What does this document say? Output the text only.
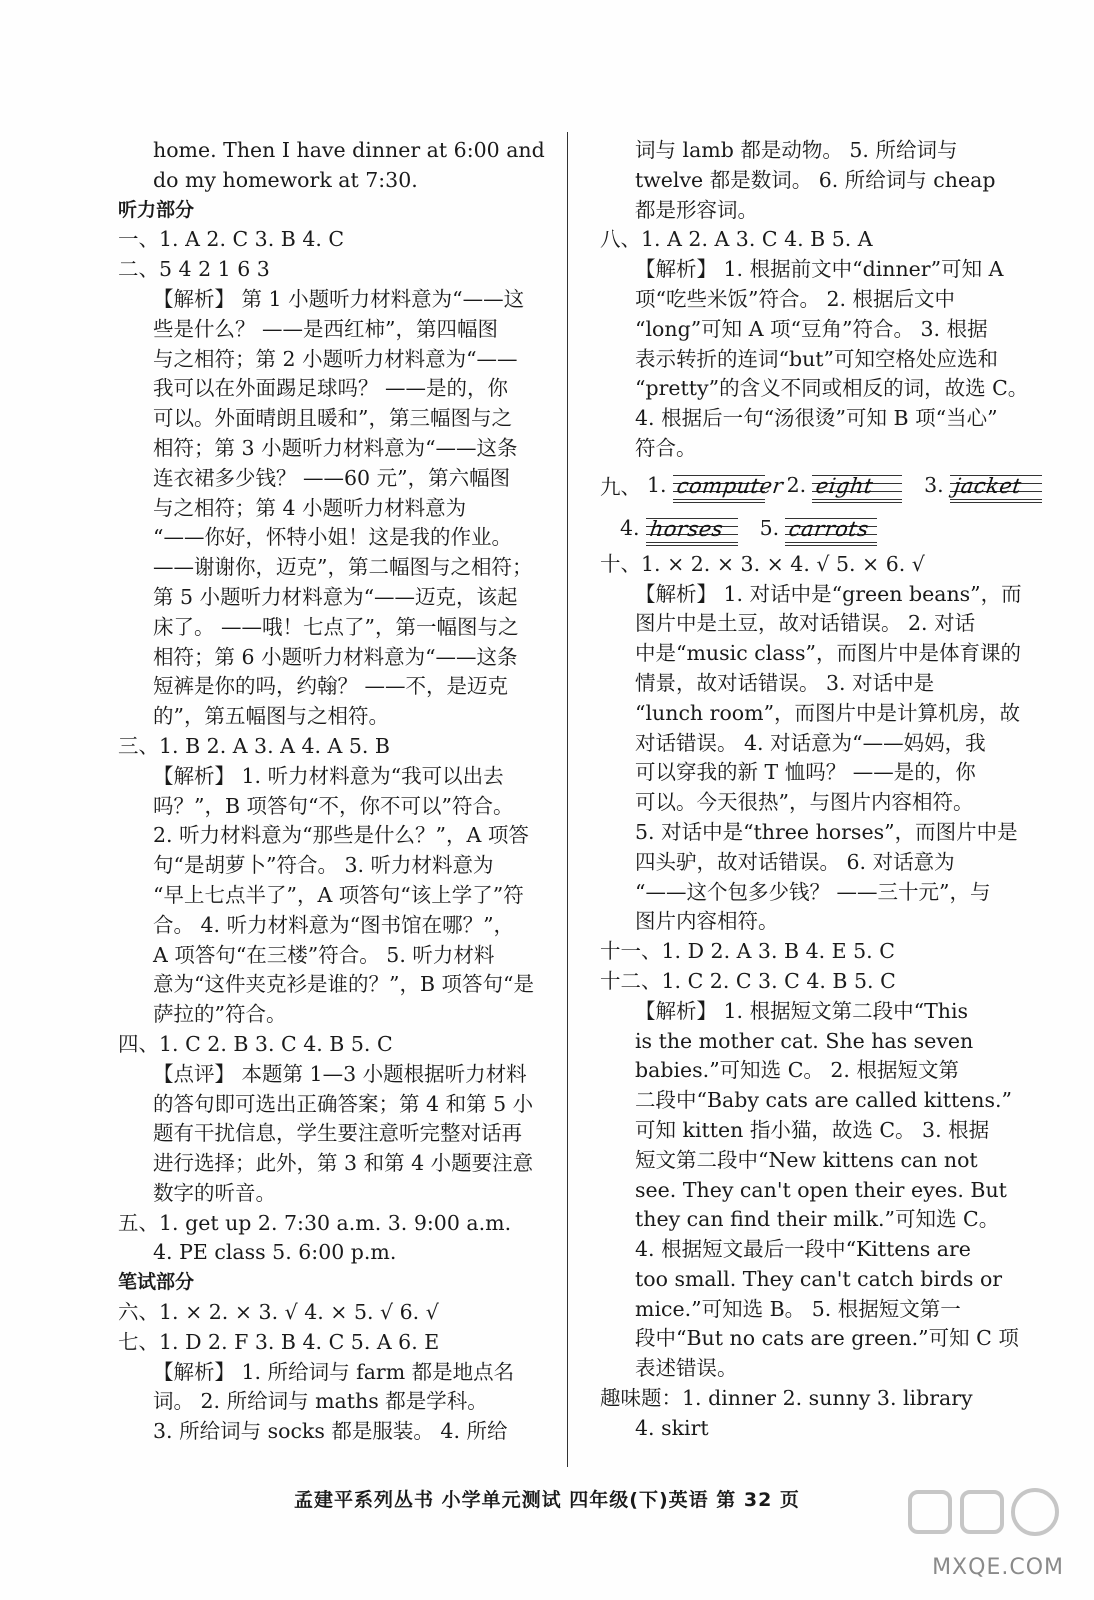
home. Then I have dinner at 6:00 and
do my homework at 7:30.
听力部分
一、1. A 2. C 3. B 4. C
二、5 4 2 1 6 3
【解析】 第 1 小题听力材料意为“——这
些是什么？ ——是西红柿”，第四幅图
与之相符；第 2 小题听力材料意为“——
我可以在外面踢足球吗？ ——是的，你
可以。外面晴朗且暖和”，第三幅图与之
相符；第 3 小题听力材料意为“——这条
连衣裙多少钱？ ——60 元”，第六幅图
与之相符；第 4 小题听力材料意为
“——你好，怀特小姐！这是我的作业。
——谢谢你，迈克”，第二幅图与之相符；
第 5 小题听力材料意为“——迈克，该起
床了。 ——哦！七点了”，第一幅图与之
相符；第 6 小题听力材料意为“——这条
短裤是你的吗，约翰？ ——不，是迈克
的”，第五幅图与之相符。
三、1. B 2. A 3. A 4. A 5. B
【解析】 1. 听力材料意为“我可以出去
吗？”，B 项答句“不，你不可以”符合。
2. 听力材料意为“那些是什么？”，A 项答
句“是胡萝卜”符合。 3. 听力材料意为
“早上七点半了”，A 项答句“该上学了”符
合。 4. 听力材料意为“图书馆在哪？”，
A 项答句“在三楼”符合。 5. 听力材料
意为“这件夹克衫是谁的？”，B 项答句“是
萨拉的”符合。
四、1. C 2. B 3. C 4. B 5. C
【点评】 本题第 1—3 小题根据听力材料
的答句即可选出正确答案；第 4 和第 5 小
题有干扰信息，学生要注意听完整对话再
进行选择；此外，第 3 和第 4 小题要注意
数字的听音。
五、1. get up 2. 7:30 a.m. 3. 9:00 a.m.
4. PE class 5. 6:00 p.m.
笔试部分
六、1. × 2. × 3. √ 4. × 5. √ 6. √
七、1. D 2. F 3. B 4. C 5. A 6. E
【解析】 1. 所给词与 farm 都是地点名
词。 2. 所给词与 maths 都是学科。
3. 所给词与 socks 都是服装。 4. 所给
词与 lamb 都是动物。 5. 所给词与
twelve 都是数词。 6. 所给词与 cheap
都是形容词。
八、1. A 2. A 3. C 4. B 5. A
【解析】 1. 根据前文中“dinner”可知 A
项“吃些米饭”符合。 2. 根据后文中
“long”可知 A 项“豆角”符合。 3. 根据
表示转折的连词“but”可知空格处应选和
“pretty”的含义不同或相反的词，故选 C。
4. 根据后一句“汤很烫”可知 B 项“当心”
符合。
九、 1. computer 2. eight 3. jacket
4. horses 5. carrots
十、1. × 2. × 3. × 4. √ 5. × 6. √
【解析】 1. 对话中是“green beans”，而
图片中是土豆，故对话错误。 2. 对话
中是“music class”，而图片中是体育课的
情景，故对话错误。 3. 对话中是
“lunch room”，而图片中是计算机房，故
对话错误。 4. 对话意为“——妈妈，我
可以穿我的新 T 恤吗？ ——是的，你
可以。今天很热”，与图片内容相符。
5. 对话中是“three horses”，而图片中是
四头驴，故对话错误。 6. 对话意为
“——这个包多少钱？ ——三十元”，与
图片内容相符。
十一、1. D 2. A 3. B 4. E 5. C
十二、1. C 2. C 3. C 4. B 5. C
【解析】 1. 根据短文第二段中“This
is the mother cat. She has seven
babies.”可知选 C。 2. 根据短文第
二段中“Baby cats are called kittens.”
可知 kitten 指小猫，故选 C。 3. 根据
短文第二段中“New kittens can not
see. They can't open their eyes. But
they can find their milk.”可知选 C。
4. 根据短文最后一段中“Kittens are
too small. They can't catch birds or
mice.”可知选 B。 5. 根据短文第一
段中“But no cats are green.”可知 C 项
表述错误。
趣味题：1. dinner 2. sunny 3. library
4. skirt
孟建平系列丛书 小学单元测试 四年级(下)英语 第 32 页
MXQE.COM
